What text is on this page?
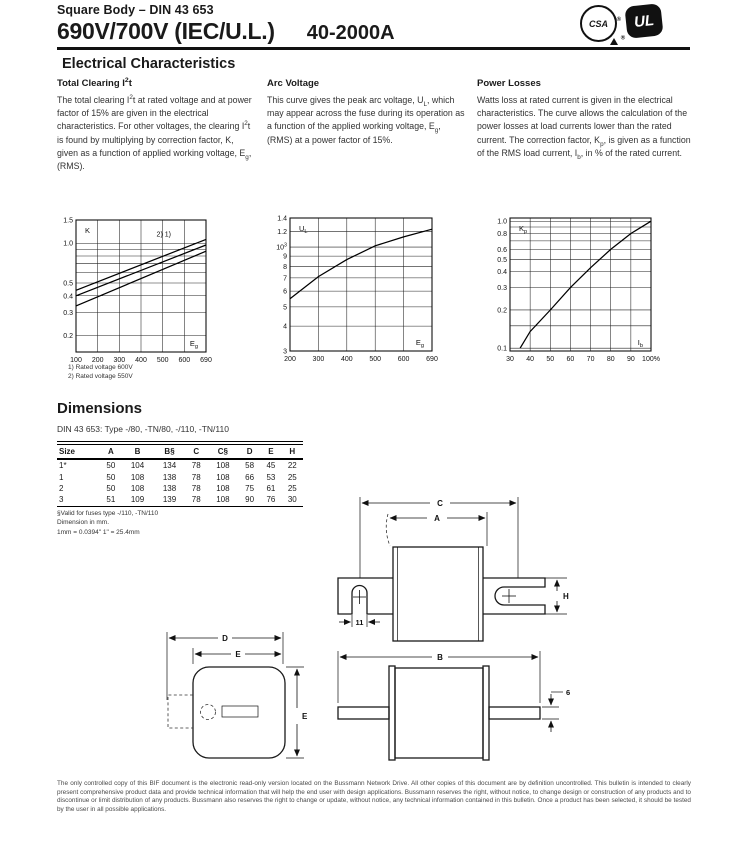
Square Body – DIN 43 653
690V/700V (IEC/U.L.) 40-2000A	CSA ® UL
®
Electrical Characteristics
Total Clearing $I^2t$

The total clearing $I^2t$ at rated voltage and at power factor of 15% are given in the electrical characteristics. For other voltages, the clearing $I^2t$ is found by multiplying by correction factor, K, given as a function of applied working voltage, $E_g$, (RMS).

Arc Voltage

This curve gives the peak arc voltage, $U_L$, which may appear across the fuse during its operation as a function of the applied working voltage, $E_g$, (RMS) at a power factor of 15%.

Power Losses

Watts loss at rated current is given in the electrical characteristics. The curve allows the calculation of the power losses at load currents lower than the rated current. The correction factor, $K_p$, is given as a function of the RMS load current, $I_b$, in % of the rated current.

1.5
1.0
0.5
0.4
0.3
0.2
100 200 300 400 500 600 690
K
$E_g$
2) 1)
1.4
1.2
$10^3$
9
8
7
6
5
4
3
200 300 400 500 600 690
$U_L$
$E_g$
1.0
0.8
0.6
0.5
0.4
0.3
0.2
0.1
30 40 50 60 70 80 90 100%
$K_p$
$I_b$
1) Rated voltage 600V
2) Rated voltage 550V
Dimensions
DIN 43 653: Type -/80, -TN/80, -/110, -TN/110
Size	A	B	B§	C	C§	D	E	H
1*	50	104	134	78	108	58	45	22
1	50	108	138	78	108	66	53	25
2	50	108	138	78	108	75	61	25
3	51	109	139	78	108	90	76	30
§Valid for fuses type -/110, -TN/110
Dimension in mm.
1mm = 0.0394" 1" = 25.4mm
C
A
H
11
D
E
E
B
6
The only controlled copy of this BIF document is the electronic read-only version located on the Bussmann Network Drive. All other copies of this document are by definition uncontrolled. This bulletin is intended to clearly present comprehensive product data and provide technical information that will help the end user with design applications. Bussmann reserves the right, without notice, to change design or construction of any products and to discontinue or limit distribution of any products. Bussmann also reserves the right to change or update, without notice, any technical information contained in this bulletin. Once a product has been selected, it should be tested by the user in all possible applications.
